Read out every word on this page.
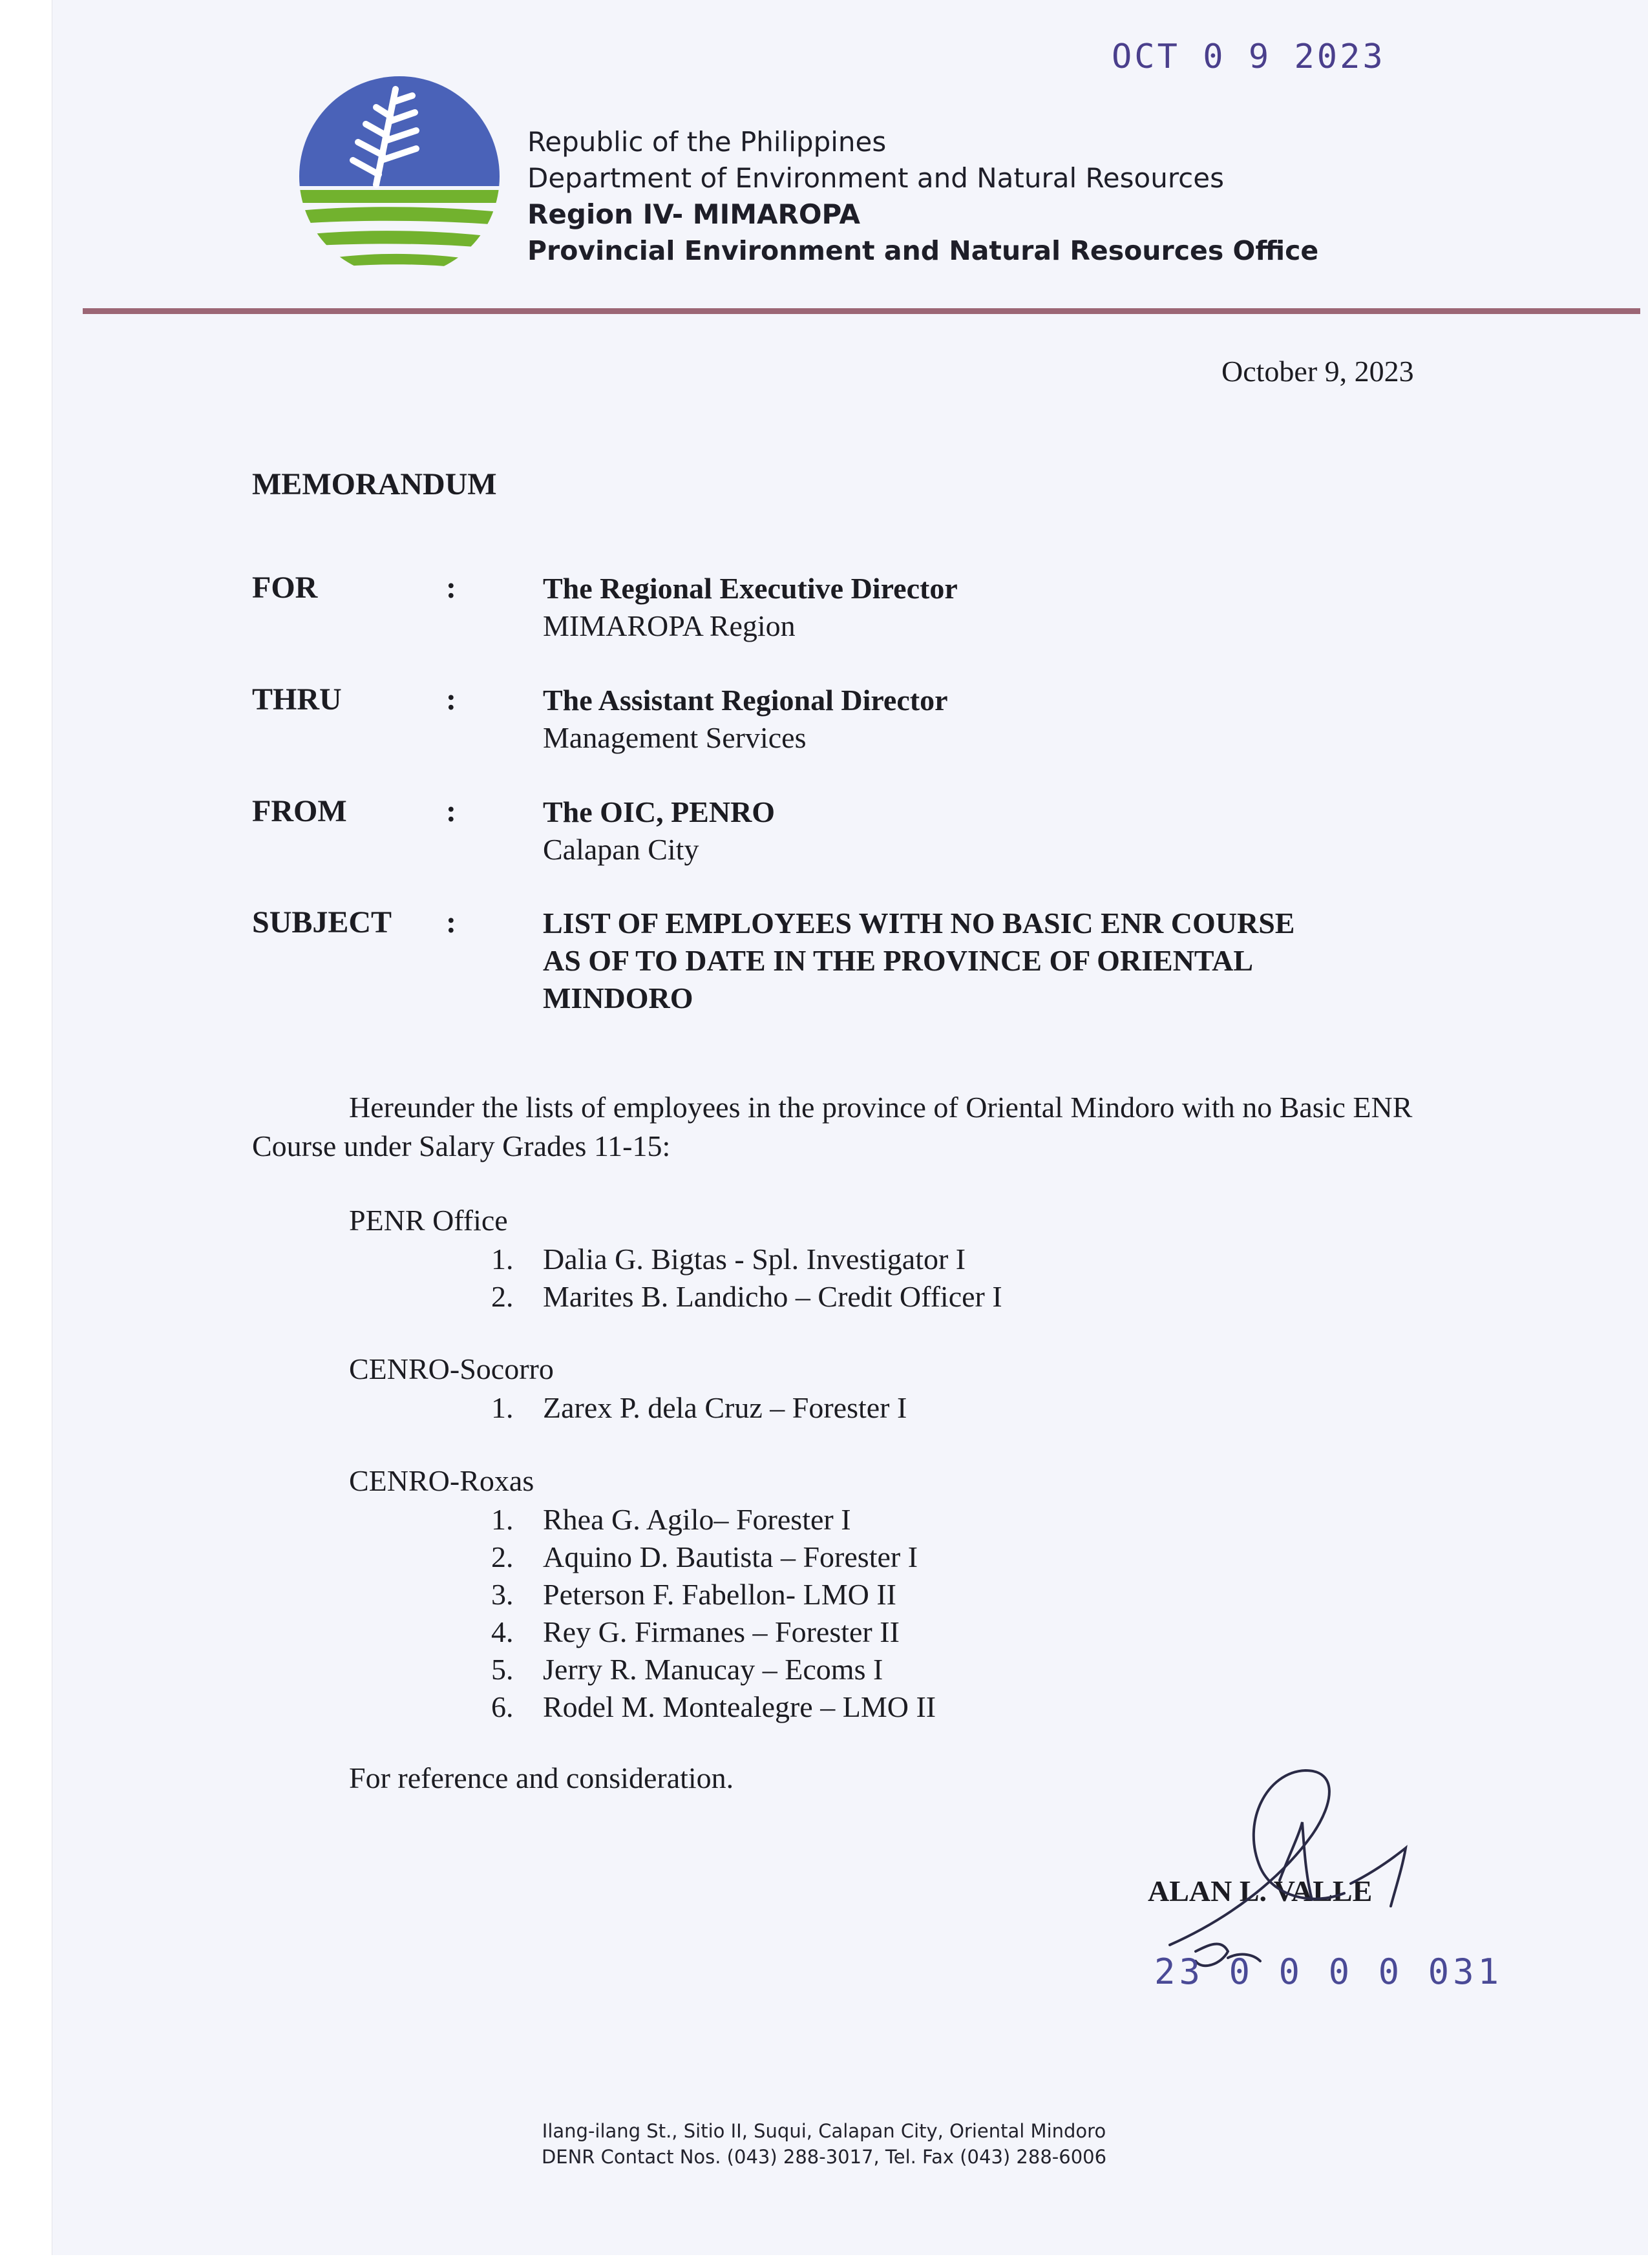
OCT 0 9 2023
Republic of the Philippines
Department of Environment and Natural Resources
Region IV- MIMAROPA
Provincial Environment and Natural Resources Office
October 9, 2023
MEMORANDUM
FOR	:	The Regional Executive Director
MIMAROPA Region
THRU	:	The Assistant Regional Director
Management Services
FROM	:	The OIC, PENRO
Calapan City
SUBJECT :	LIST OF EMPLOYEES WITH NO BASIC ENR COURSE
AS OF TO DATE IN THE PROVINCE OF ORIENTAL
MINDORO
Hereunder the lists of employees in the province of Oriental Mindoro with no Basic ENR Course under Salary Grades 11-15:
PENR Office
1. Dalia G. Bigtas - Spl. Investigator I
2. Marites B. Landicho – Credit Officer I
CENRO-Socorro
1. Zarex P. dela Cruz – Forester I
CENRO-Roxas
1. Rhea G. Agilo– Forester I
2. Aquino D. Bautista – Forester I
3. Peterson F. Fabellon- LMO II
4. Rey G. Firmanes – Forester II
5. Jerry R. Manucay – Ecoms I
6. Rodel M. Montealegre – LMO II
For reference and consideration.
ALAN L. VALLE
23 0 0 0 0 031
Ilang-ilang St., Sitio II, Suqui, Calapan City, Oriental Mindoro
DENR Contact Nos. (043) 288-3017, Tel. Fax (043) 288-6006
